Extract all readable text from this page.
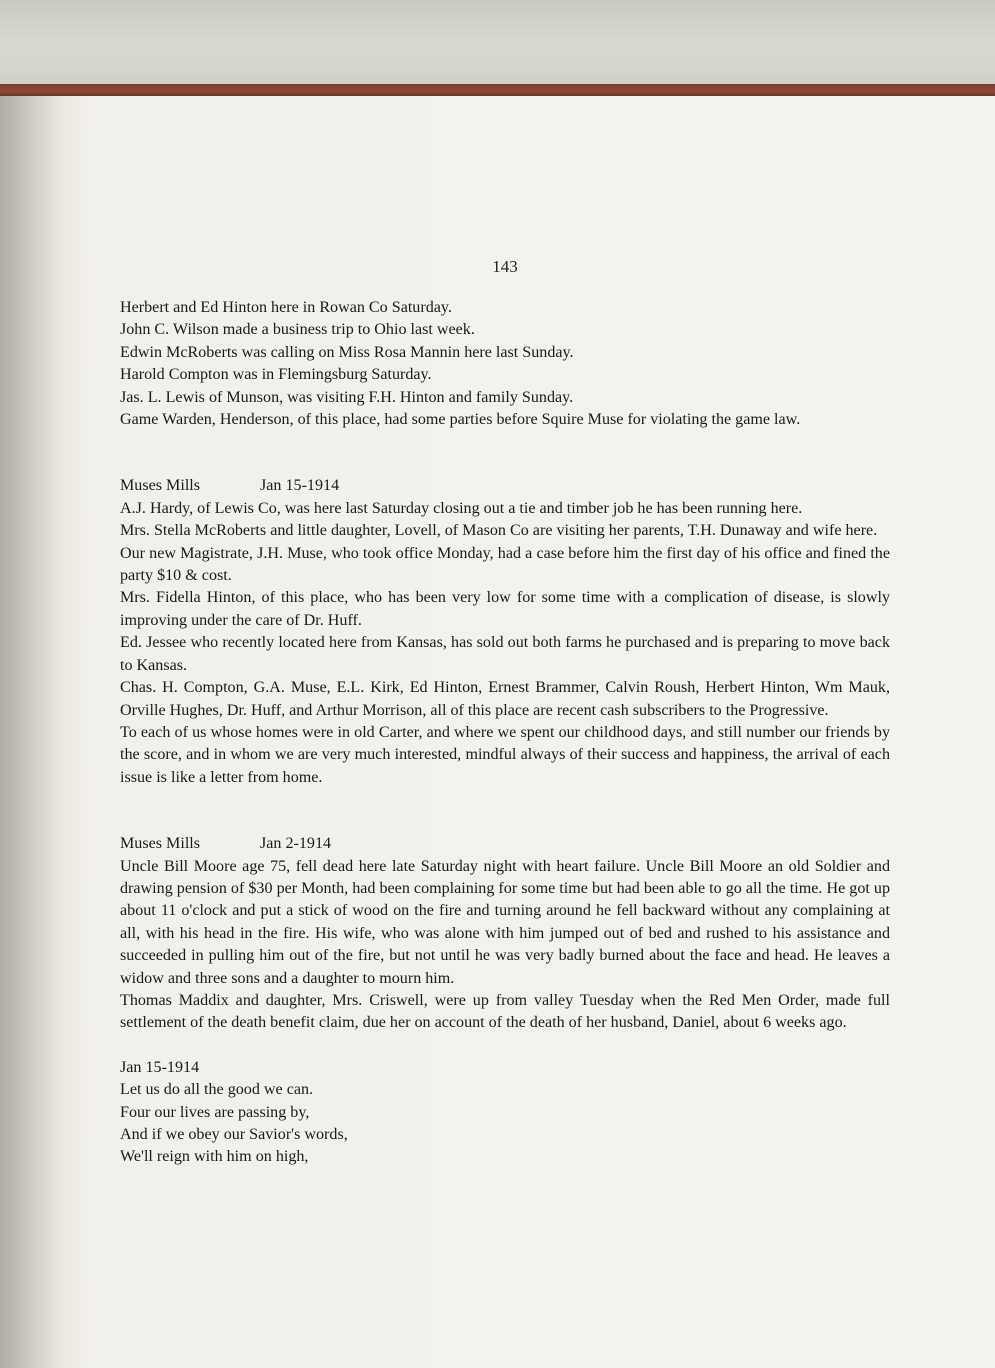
143

Herbert and Ed Hinton here in Rowan Co Saturday.

John C. Wilson made a business trip to Ohio last week.

Edwin McRoberts was calling on Miss Rosa Mannin here last Sunday.

Harold Compton was in Flemingsburg Saturday.

Jas. L. Lewis of Munson, was visiting F.H. Hinton and family Sunday.

Game Warden, Henderson, of this place, had some parties before Squire Muse for violating the game law.

Muses Mills	Jan 15-1914

A.J. Hardy, of Lewis Co, was here last Saturday closing out a tie and timber job he has been running here.

Mrs. Stella McRoberts and little daughter, Lovell, of Mason Co are visiting her parents, T.H. Dunaway and wife here.

Our new Magistrate, J.H. Muse, who took office Monday, had a case before him the first day of his office and fined the party $10 & cost.

Mrs. Fidella Hinton, of this place, who has been very low for some time with a complication of disease, is slowly improving under the care of Dr. Huff.

Ed. Jessee who recently located here from Kansas, has sold out both farms he purchased and is preparing to move back to Kansas.

Chas. H. Compton, G.A. Muse, E.L. Kirk, Ed Hinton, Ernest Brammer, Calvin Roush, Herbert Hinton, Wm Mauk, Orville Hughes, Dr. Huff, and Arthur Morrison, all of this place are recent cash subscribers to the Progressive.

To each of us whose homes were in old Carter, and where we spent our childhood days, and still number our friends by the score, and in whom we are very much interested, mindful always of their success and happiness, the arrival of each issue is like a letter from home.

Muses Mills	Jan 2-1914

Uncle Bill Moore age 75, fell dead here late Saturday night with heart failure. Uncle Bill Moore an old Soldier and drawing pension of $30 per Month, had been complaining for some time but had been able to go all the time. He got up about 11 o'clock and put a stick of wood on the fire and turning around he fell backward without any complaining at all, with his head in the fire. His wife, who was alone with him jumped out of bed and rushed to his assistance and succeeded in pulling him out of the fire, but not until he was very badly burned about the face and head. He leaves a widow and three sons and a daughter to mourn him.

Thomas Maddix and daughter, Mrs. Criswell, were up from valley Tuesday when the Red Men Order, made full settlement of the death benefit claim, due her on account of the death of her husband, Daniel, about 6 weeks ago.

Jan 15-1914

Let us do all the good we can.

Four our lives are passing by,

And if we obey our Savior's words,

We'll reign with him on high,
